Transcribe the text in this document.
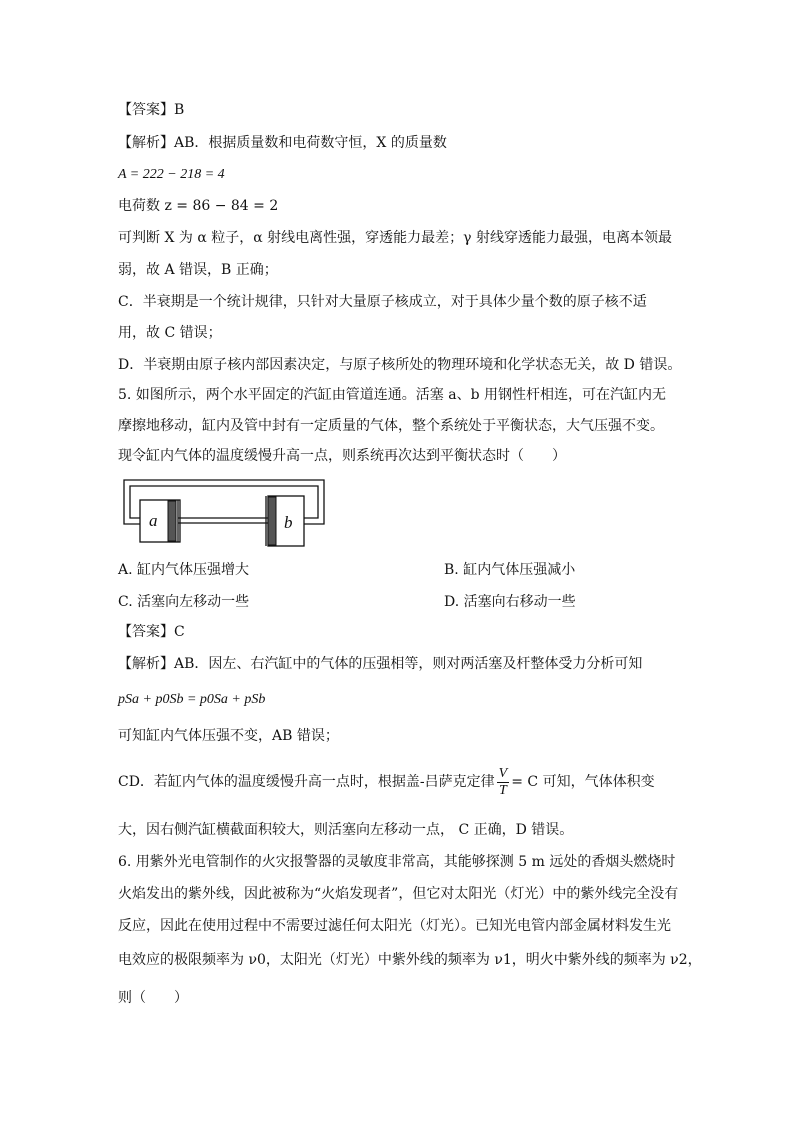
【答案】B
【解析】AB．根据质量数和电荷数守恒，X 的质量数
A = 222 − 218 = 4
电荷数 z = 86 − 84 = 2
可判断 X 为 α 粒子，α 射线电离性强，穿透能力最差；γ 射线穿透能力最强，电离本领最
弱，故 A 错误，B 正确；
C．半衰期是一个统计规律，只针对大量原子核成立，对于具体少量个数的原子核不适
用，故 C 错误；
D．半衰期由原子核内部因素决定，与原子核所处的物理环境和化学状态无关，故 D 错误。
5. 如图所示，两个水平固定的汽缸由管道连通。活塞 a、b 用钢性杆相连，可在汽缸内无
摩擦地移动，缸内及管中封有一定质量的气体，整个系统处于平衡状态，大气压强不变。
现令缸内气体的温度缓慢升高一点，则系统再次达到平衡状态时（　　）
a	b
A. 缸内气体压强增大	B. 缸内气体压强减小
C. 活塞向左移动一些	D. 活塞向右移动一些
【答案】C
【解析】AB．因左、右汽缸中的气体的压强相等，则对两活塞及杆整体受力分析可知
pSa + p0Sb = p0Sa + pSb
可知缸内气体压强不变，AB 错误；
CD．若缸内气体的温度缓慢升高一点时，根据盖-吕萨克定律 $\frac{V}{T} = C$ 可知，气体体积变
大，因右侧汽缸横截面积较大，则活塞向左移动一点， C 正确，D 错误。
6. 用紫外光电管制作的火灾报警器的灵敏度非常高，其能够探测 5 m 远处的香烟头燃烧时
火焰发出的紫外线，因此被称为“火焰发现者”，但它对太阳光（灯光）中的紫外线完全没有
反应，因此在使用过程中不需要过滤任何太阳光（灯光）。已知光电管内部金属材料发生光
电效应的极限频率为 ν0，太阳光（灯光）中紫外线的频率为 ν1，明火中紫外线的频率为 ν2，
则（　　）
